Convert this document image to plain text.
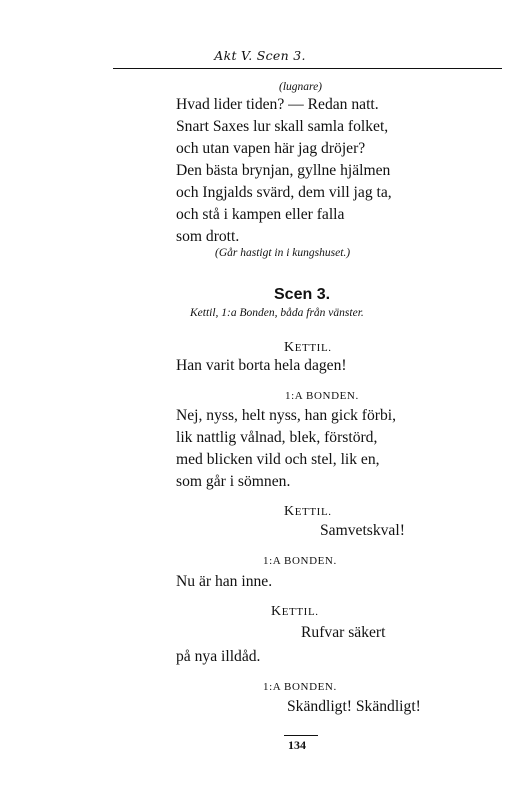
Akt V. Scen 3.
(lugnare)
Hvad lider tiden? — Redan natt.
Snart Saxes lur skall samla folket,
och utan vapen här jag dröjer?
Den bästa brynjan, gyllne hjälmen
och Ingjalds svärd, dem vill jag ta,
och stå i kampen eller falla
som drott.
(Går hastigt in i kungshuset.)
Scen 3.
Kettil, 1:a Bonden, båda från vänster.
KETTIL.
Han varit borta hela dagen!
1:A BONDEN.
Nej, nyss, helt nyss, han gick förbi,
lik nattlig vålnad, blek, förstörd,
med blicken vild och stel, lik en,
som går i sömnen.
KETTIL.
Samvetskval!
1:A BONDEN.
Nu är han inne.
KETTIL.
Rufvar säkert
på nya illdåd.
1:A BONDEN.
Skändligt! Skändligt!
134
